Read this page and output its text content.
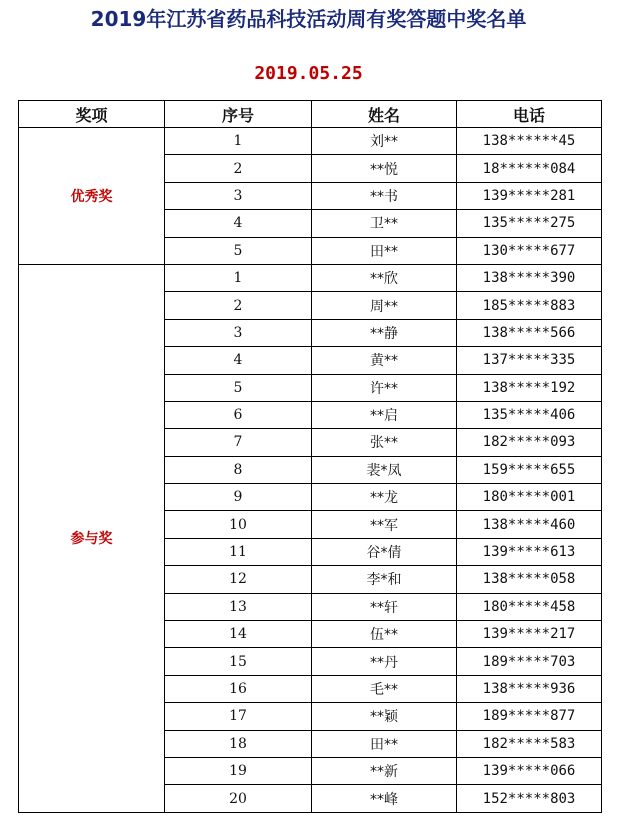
2019年江苏省药品科技活动周有奖答题中奖名单
2019.05.25
奖项	序号	姓名	电话
优秀奖	1	刘**	138******45
	2	**悦	18******084
	3	**书	139*****281
	4	卫**	135*****275
	5	田**	130*****677
参与奖	1	**欣	138*****390
	2	周**	185*****883
	3	**静	138*****566
	4	黄**	137*****335
	5	许**	138*****192
	6	**启	135*****406
	7	张**	182*****093
	8	裴*凤	159*****655
	9	**龙	180*****001
	10	**军	138*****460
	11	谷*倩	139*****613
	12	李*和	138*****058
	13	**轩	180*****458
	14	伍**	139*****217
	15	**丹	189*****703
	16	毛**	138*****936
	17	**颖	189*****877
	18	田**	182*****583
	19	**新	139*****066
	20	**峰	152*****803
